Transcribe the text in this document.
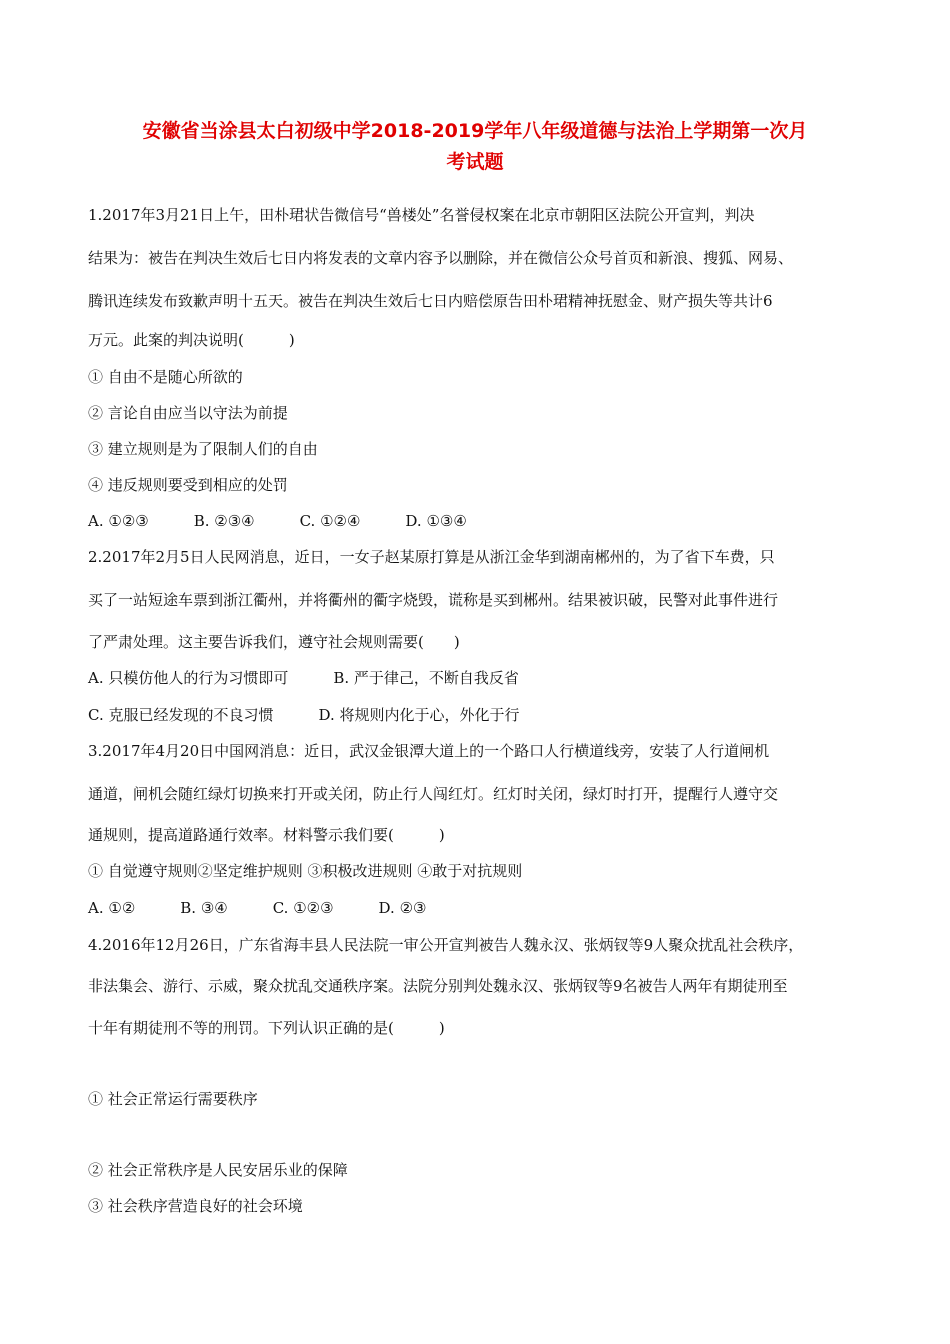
安徽省当涂县太白初级中学2018-2019学年八年级道德与法治上学期第一次月
考试题
1.2017年3月21日上午，田朴珺状告微信号“兽楼处”名誉侵权案在北京市朝阳区法院公开宣判，判决
结果为：被告在判决生效后七日内将发表的文章内容予以删除，并在微信公众号首页和新浪、搜狐、网易、
腾讯连续发布致歉声明十五天。被告在判决生效后七日内赔偿原告田朴珺精神抚慰金、财产损失等共计6
万元。此案的判决说明(　　　)
① 自由不是随心所欲的
② 言论自由应当以守法为前提
③ 建立规则是为了限制人们的自由
④ 违反规则要受到相应的处罚
A. ①②③　　　B. ②③④　　　C. ①②④　　　D. ①③④
2.2017年2月5日人民网消息，近日，一女子赵某原打算是从浙江金华到湖南郴州的，为了省下车费，只
买了一站短途车票到浙江衢州，并将衢州的衢字烧毁，谎称是买到郴州。结果被识破，民警对此事件进行
了严肃处理。这主要告诉我们，遵守社会规则需要(　　)
A. 只模仿他人的行为习惯即可　　　B. 严于律己，不断自我反省
C. 克服已经发现的不良习惯　　　D. 将规则内化于心，外化于行
3.2017年4月20日中国网消息：近日，武汉金银潭大道上的一个路口人行横道线旁，安装了人行道闸机
通道，闸机会随红绿灯切换来打开或关闭，防止行人闯红灯。红灯时关闭，绿灯时打开，提醒行人遵守交
通规则，提高道路通行效率。材料警示我们要(　　　)
① 自觉遵守规则②坚定维护规则 ③积极改进规则 ④敢于对抗规则
A. ①②　　　B. ③④　　　C. ①②③　　　D. ②③
4.2016年12月26日，广东省海丰县人民法院一审公开宣判被告人魏永汉、张炳钗等9人聚众扰乱社会秩序，
非法集会、游行、示威，聚众扰乱交通秩序案。法院分别判处魏永汉、张炳钗等9名被告人两年有期徒刑至
十年有期徒刑不等的刑罚。下列认识正确的是(　　　)
① 社会正常运行需要秩序
② 社会正常秩序是人民安居乐业的保障
③ 社会秩序营造良好的社会环境
